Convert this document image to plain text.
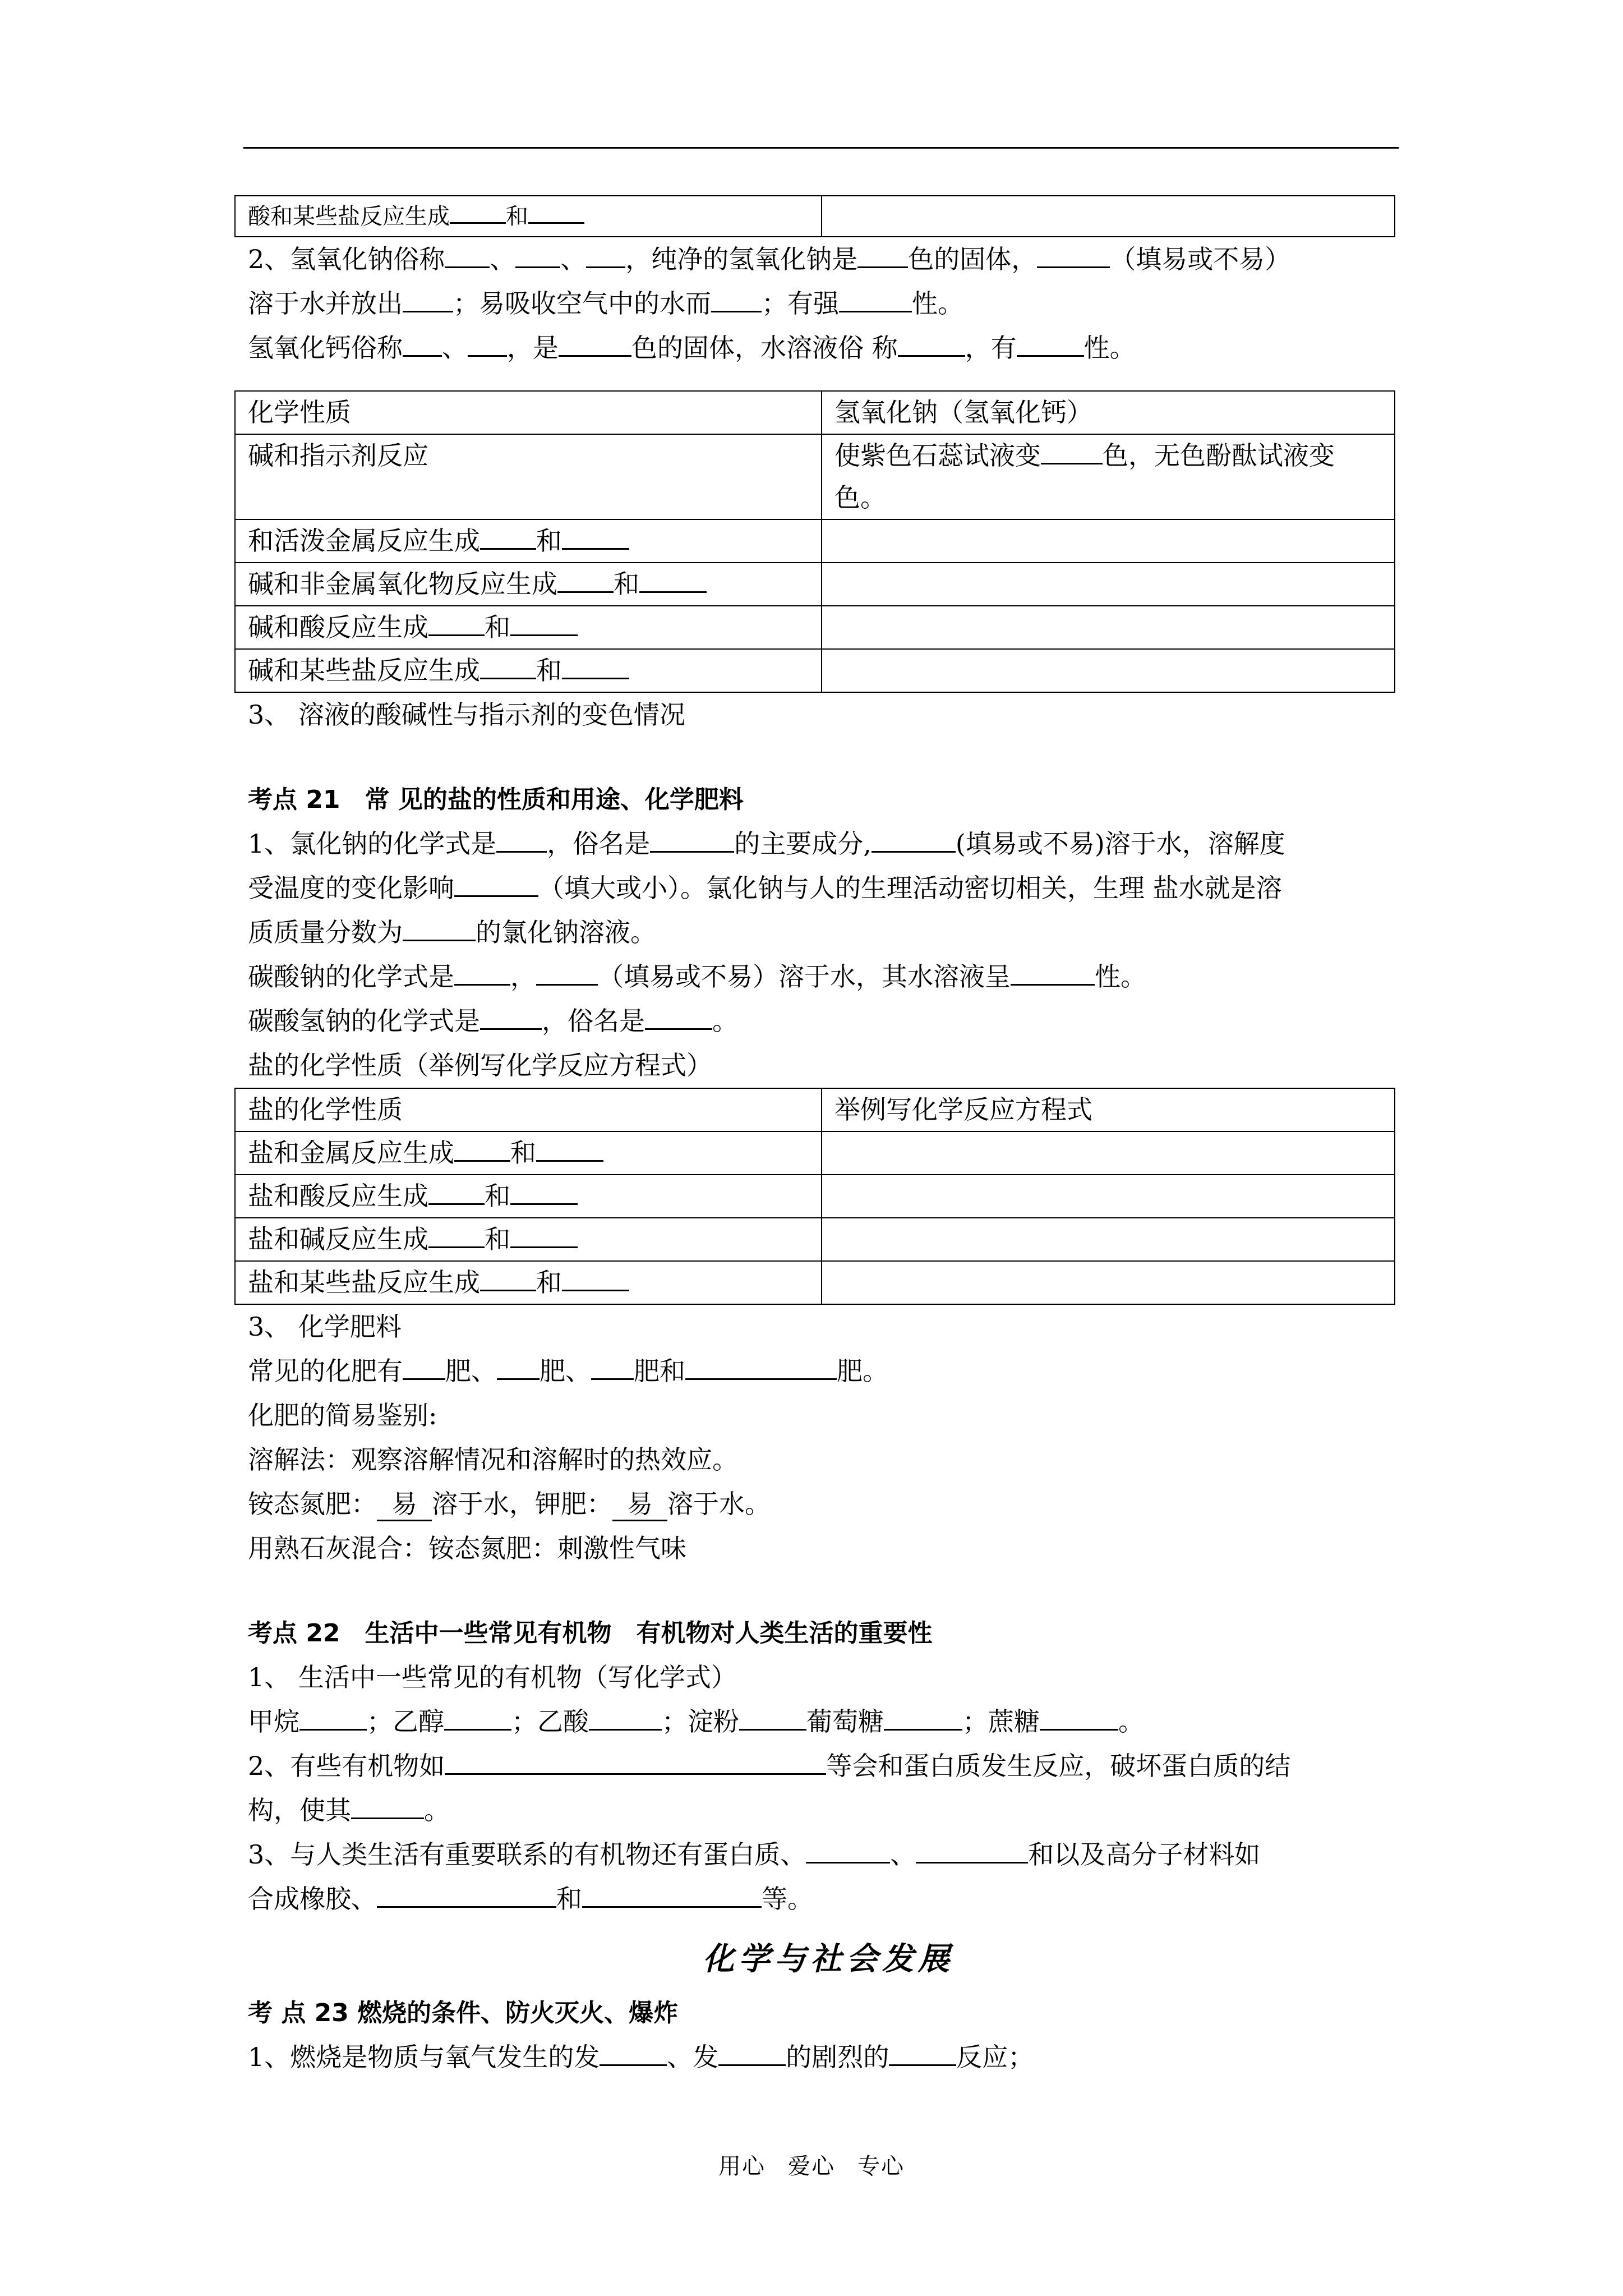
酸和某些盐反应生成	和	
2、氢氧化钠俗称 、 、 ，纯净的氢氧化钠是 色的固体，	（填易或不易）
溶于水并放出 ；易吸收空气中的水而 ；有强	性。
氢氧化钙俗称 、 ，是	色的固体，水溶液俗 称	，有	性。
化学性质	氢氧化钠（氢氧化钙）
碱和指示剂反应	使紫色石蕊试液变 色，无色酚酞试液变色。
和活泼金属反应生成 和	
碱和非金属氧化物反应生成 和	
碱和酸反应生成 和	
碱和某些盐反应生成 和	
3、 溶液的酸碱性与指示剂的变色情况
考点 21　常 见的盐的性质和用途、化学肥料
1、氯化钠的化学式是 ，俗名是	的主要成分,	(填易或不易)溶于水，溶解度
受温度的变化影响	（填大或小）。氯化钠与人的生理活动密切相关，生理 盐水就是溶
质质量分数为	的氯化钠溶液。
碳酸钠的化学式是 ， （填易或不易）溶于水，其水溶液呈	性。
碳酸氢钠的化学式是 ，俗名是	。
盐的化学性质（举例写化学反应方程式）
盐的化学性质	举例写化学反应方程式
盐和金属反应生成 和	
盐和酸反应生成 和	
盐和碱反应生成 和	
盐和某些盐反应生成 和	
3、 化学肥料
常见的化肥有 肥、 肥、 肥和	肥。
化肥的简易鉴别:
溶解法：观察溶解情况和溶解时的热效应。
铵态氮肥： 易 溶于水，钾肥： 易 溶于水。
用熟石灰混合：铵态氮肥：刺激性气味
考点 22　生活中一些常见有机物　有机物对人类生活的重要性
1、 生活中一些常见的有机物（写化学式）
甲烷	；乙醇	；乙酸	；淀粉	葡萄糖	；蔗糖	。
2、有些有机物如	等会和蛋白质发生反应，破坏蛋白质的结
构，使其	。
3、与人类生活有重要联系的有机物还有蛋白质、	、	和以及高分子材料如
合成橡胶、	和	等。
化学与社会发展
考 点 23 燃烧的条件、防火灭火、爆炸
1、燃烧是物质与氧气发生的发	、发	的剧烈的	反应；
用心 爱心 专心
